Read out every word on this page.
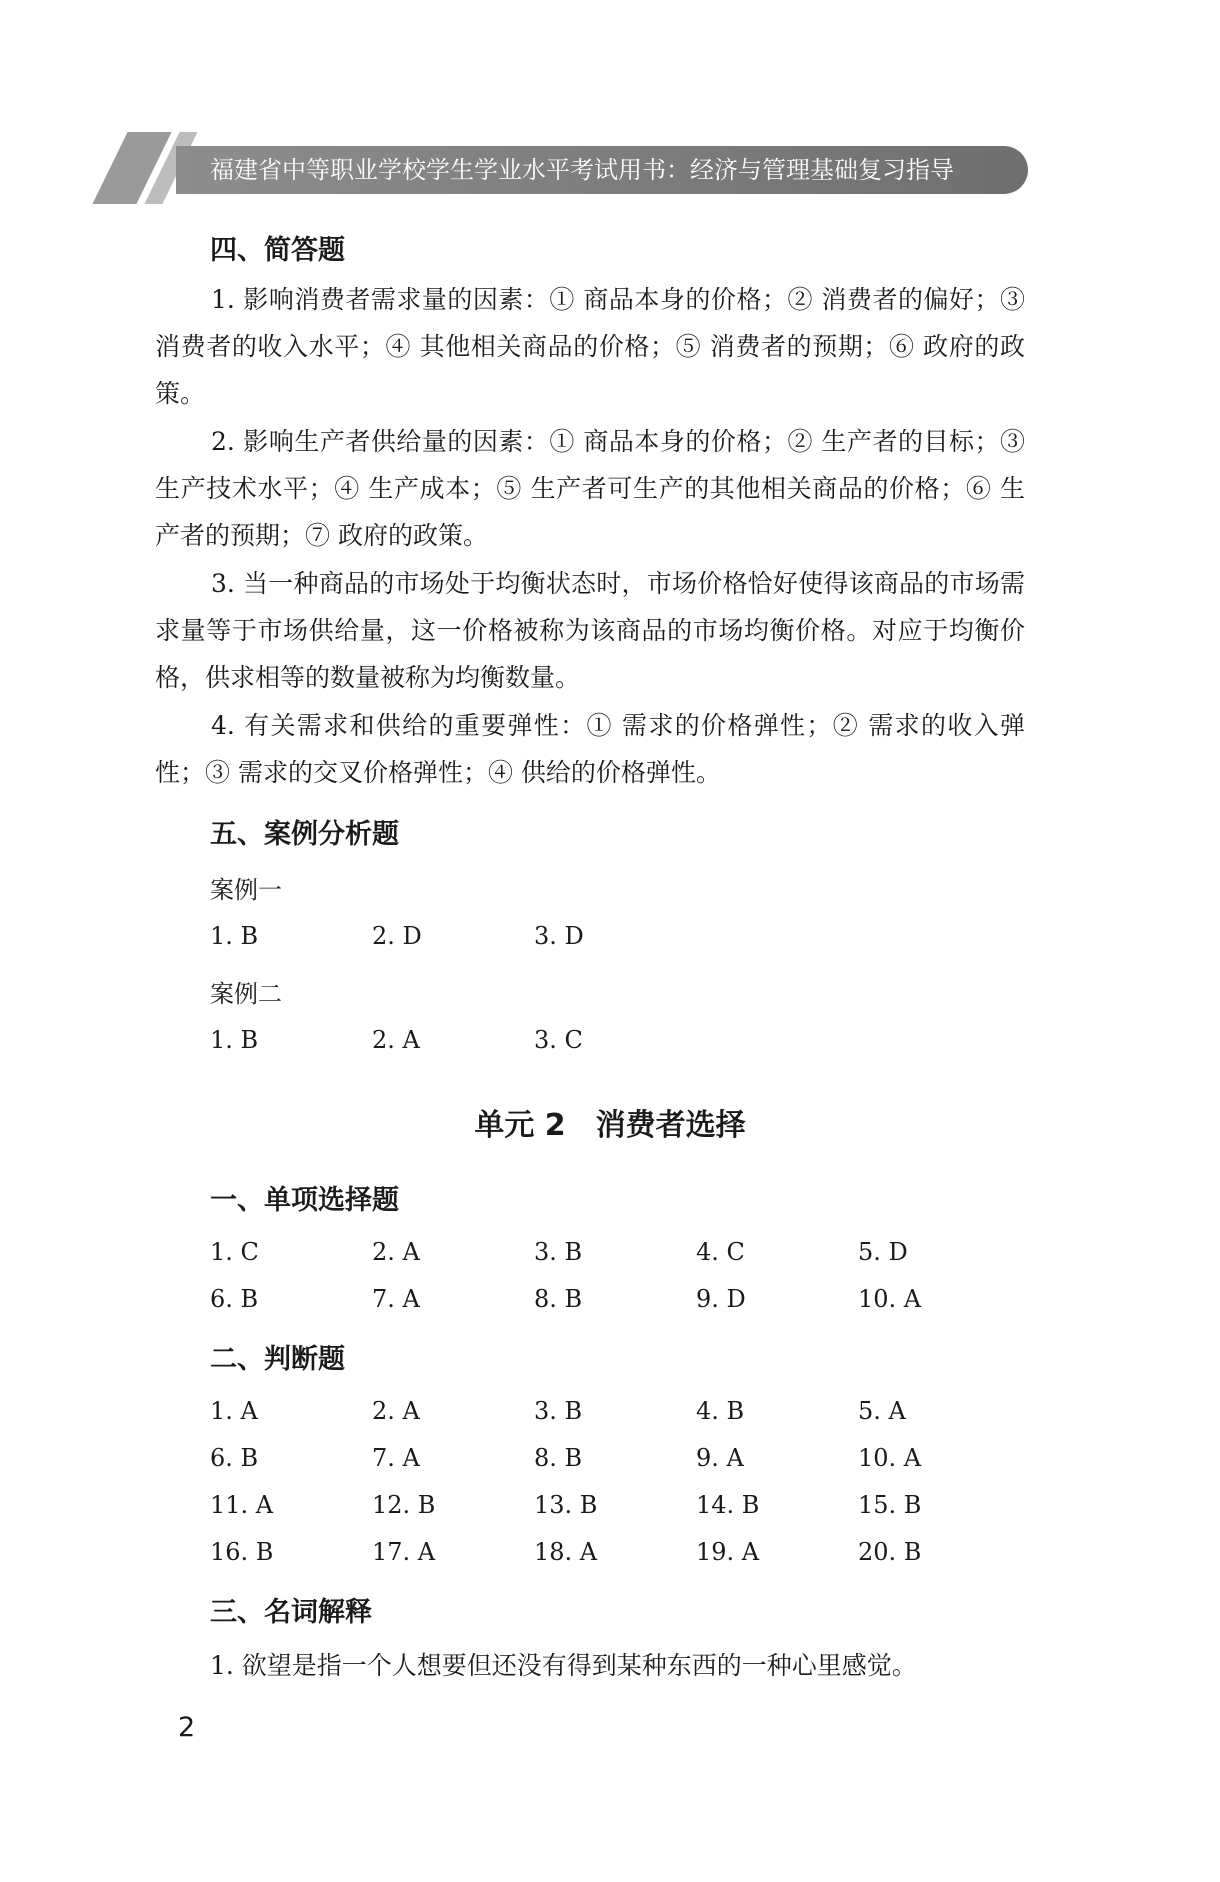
福建省中等职业学校学生学业水平考试用书：经济与管理基础复习指导
四、简答题

1. 影响消费者需求量的因素：① 商品本身的价格；② 消费者的偏好；③ 消费者的收入水平；④ 其他相关商品的价格；⑤ 消费者的预期；⑥ 政府的政策。

2. 影响生产者供给量的因素：① 商品本身的价格；② 生产者的目标；③ 生产技术水平；④ 生产成本；⑤ 生产者可生产的其他相关商品的价格；⑥ 生产者的预期；⑦ 政府的政策。

3. 当一种商品的市场处于均衡状态时，市场价格恰好使得该商品的市场需求量等于市场供给量，这一价格被称为该商品的市场均衡价格。对应于均衡价格，供求相等的数量被称为均衡数量。

4. 有关需求和供给的重要弹性：① 需求的价格弹性；② 需求的收入弹性；③ 需求的交叉价格弹性；④ 供给的价格弹性。

五、案例分析题
案例一
1. B	2. D	3. D
案例二
1. B	2. A	3. C
单元 2　消费者选择
一、单项选择题
1. C	2. A	3. B	4. C	5. D
6. B	7. A	8. B	9. D	10. A
二、判断题
1. A	2. A	3. B	4. B	5. A
6. B	7. A	8. B	9. A	10. A
11. A	12. B	13. B	14. B	15. B
16. B	17. A	18. A	19. A	20. B
三、名词解释
1. 欲望是指一个人想要但还没有得到某种东西的一种心里感觉。
2
